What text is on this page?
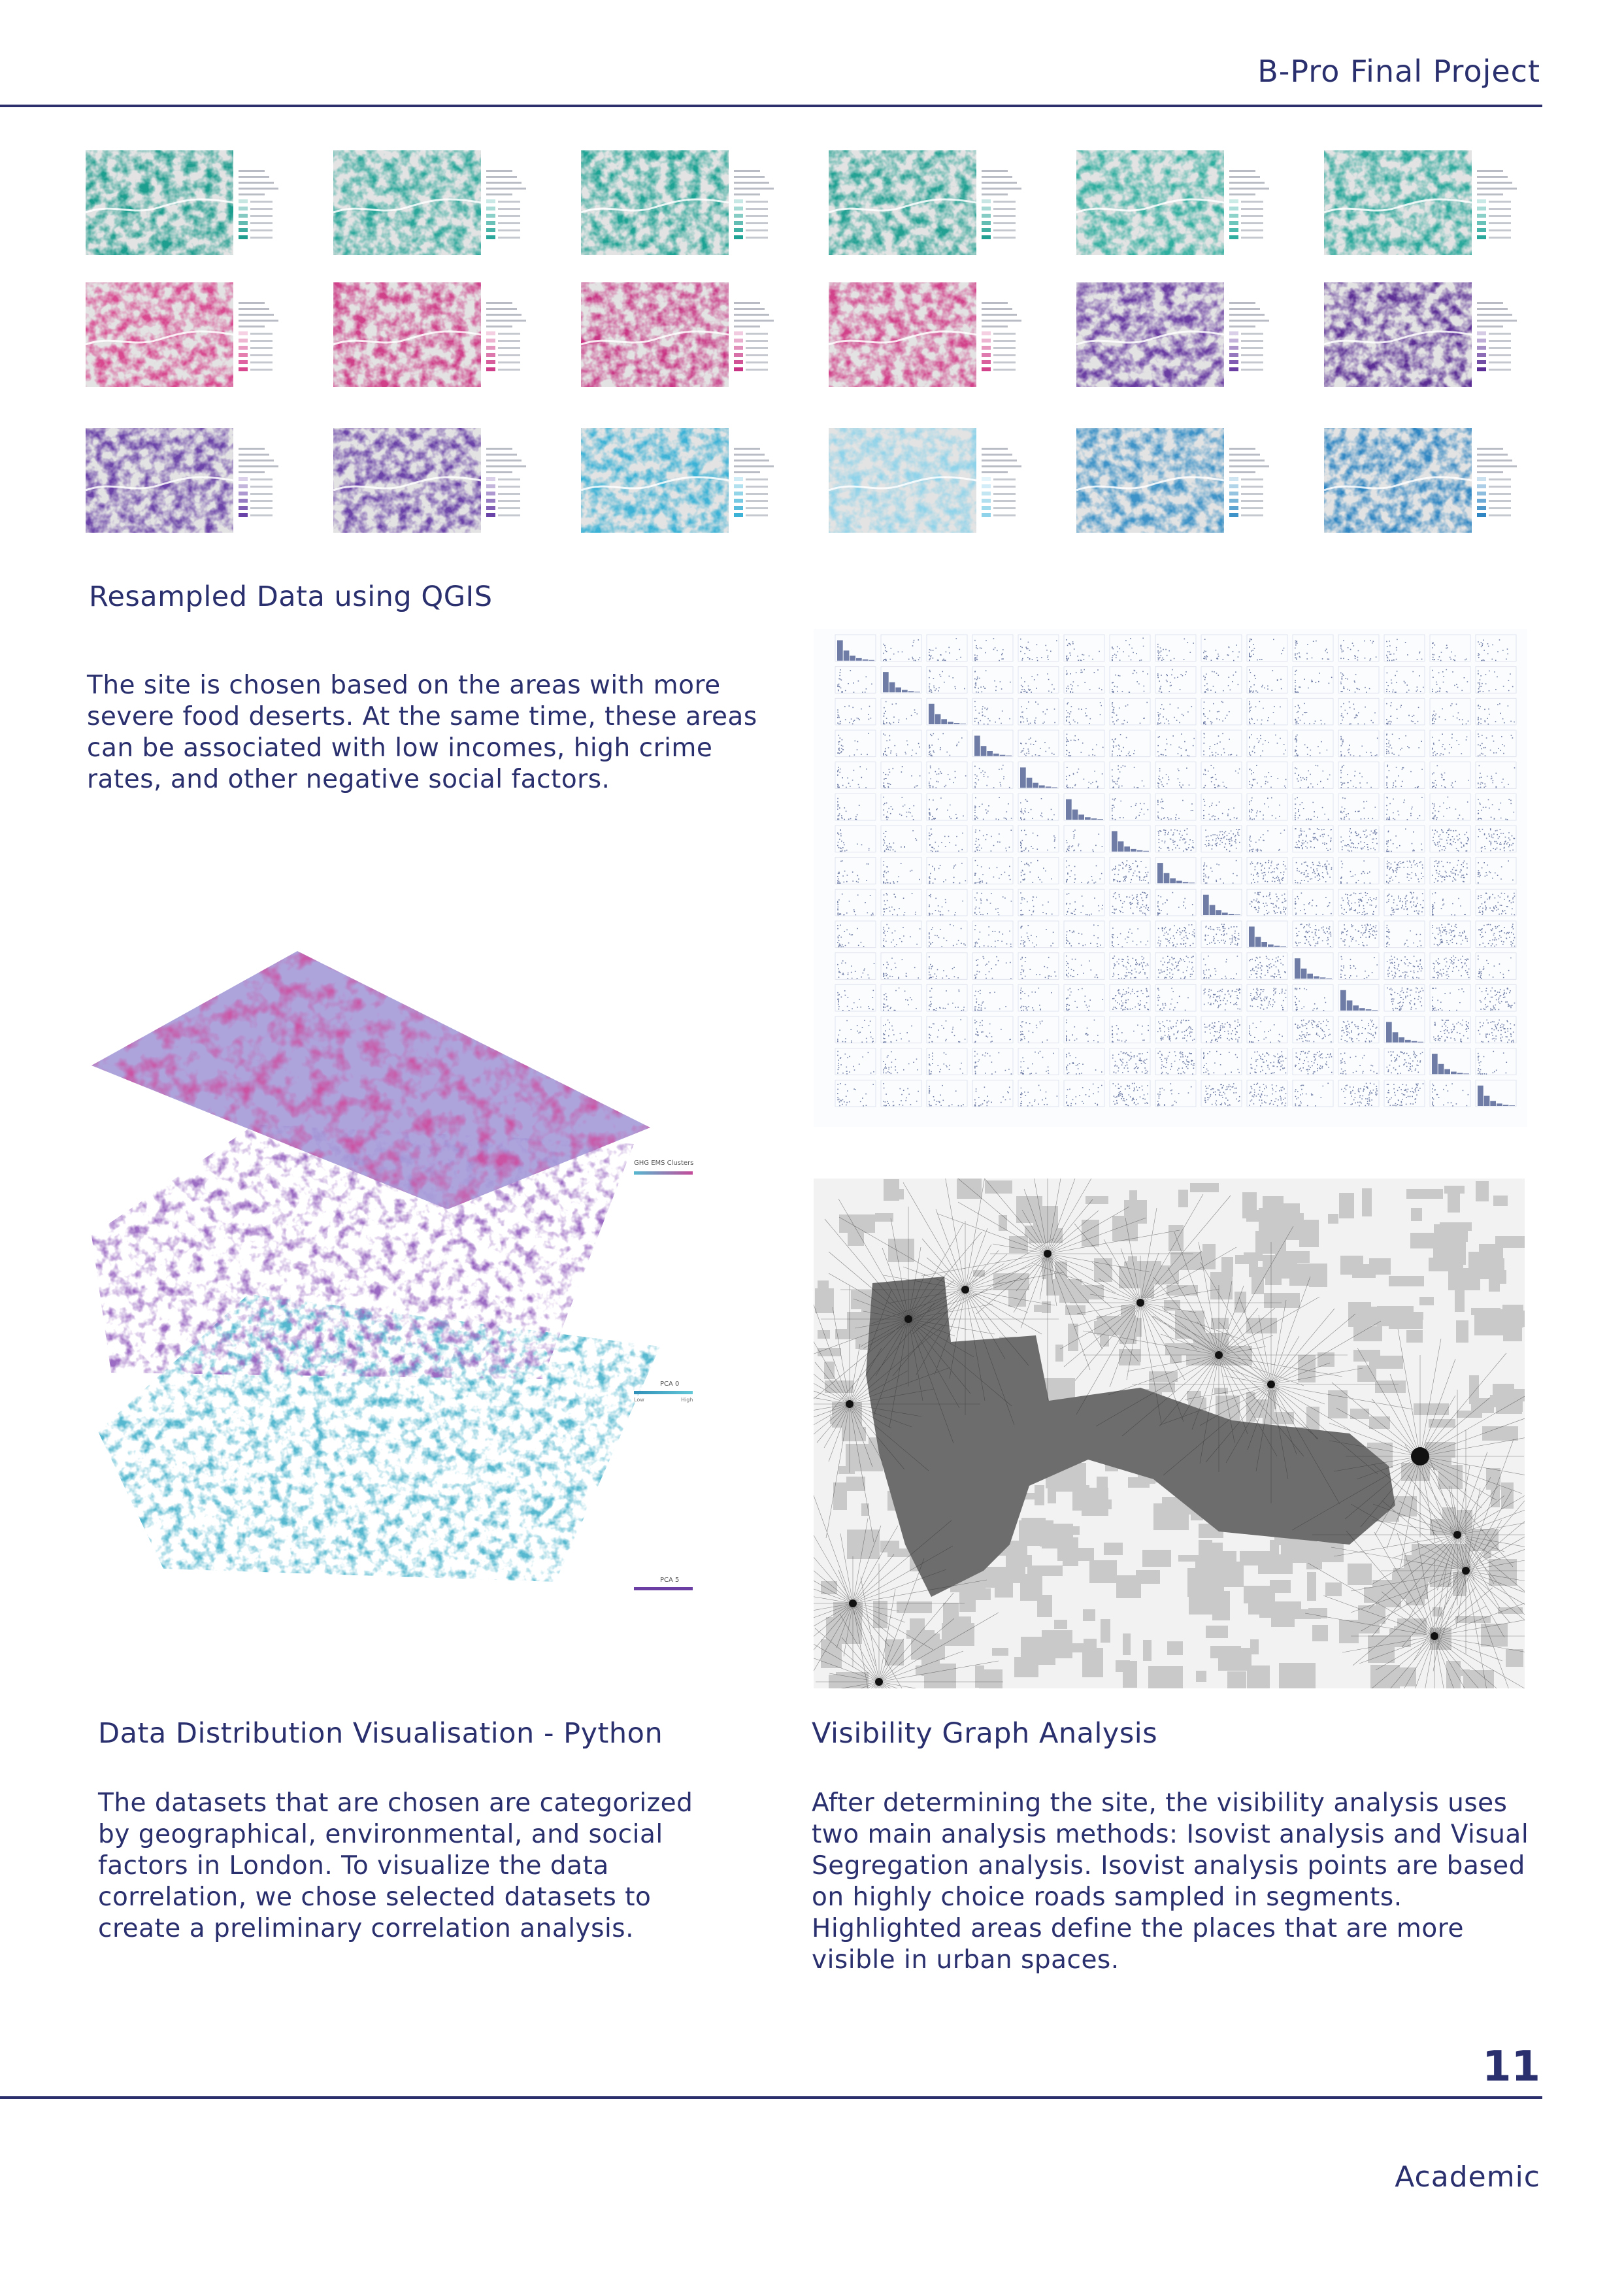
B-Pro Final Project
Resampled Data using QGIS
The site is chosen based on the areas with more
severe food deserts. At the same time, these areas
can be associated with low incomes, high crime
rates, and other negative social factors.
GHG EMS Clusters
PCA 0
Low	High
PCA 5
Data Distribution Visualisation - Python
The datasets that are chosen are categorized
by geographical, environmental, and social
factors in London. To visualize the data
correlation, we chose selected datasets to
create a preliminary correlation analysis.
Visibility Graph Analysis
After determining the site, the visibility analysis uses
two main analysis methods: Isovist analysis and Visual
Segregation analysis. Isovist analysis points are based
on highly choice roads sampled in segments.
Highlighted areas define the places that are more
visible in urban spaces.
11
Academic
